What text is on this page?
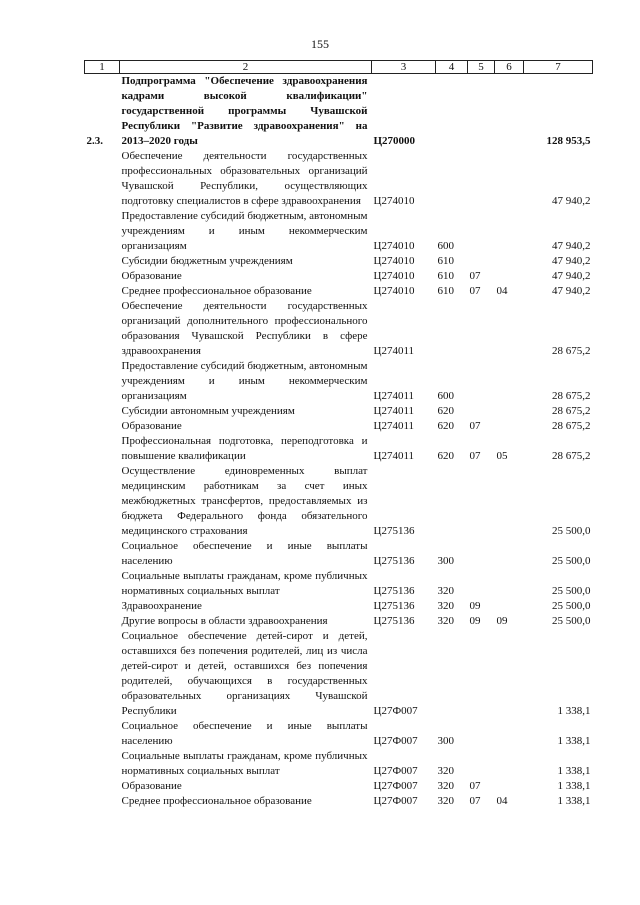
155
1	2	3	4	5	6	7
2.3.	Подпрограмма "Обеспечение здравоохранения кадрами высокой квалификации" государственной программы Чувашской Республики "Развитие здравоохранения" на 2013–2020 годы	Ц270000				128 953,5
	Обеспечение деятельности государственных профессиональных образовательных организаций Чувашской Республики, осуществляющих подготовку специалистов в сфере здравоохранения	Ц274010				47 940,2
	Предоставление субсидий бюджетным, автономным учреждениям и иным некоммерческим организациям	Ц274010	600			47 940,2
	Субсидии бюджетным учреждениям	Ц274010	610			47 940,2
	Образование	Ц274010	610	07		47 940,2
	Среднее профессиональное образование	Ц274010	610	07	04	47 940,2
	Обеспечение деятельности государственных организаций дополнительного профессионального образования Чувашской Республики в сфере здравоохранения	Ц274011				28 675,2
	Предоставление субсидий бюджетным, автономным учреждениям и иным некоммерческим организациям	Ц274011	600			28 675,2
	Субсидии автономным учреждениям	Ц274011	620			28 675,2
	Образование	Ц274011	620	07		28 675,2
	Профессиональная подготовка, переподготовка и повышение квалификации	Ц274011	620	07	05	28 675,2
	Осуществление единовременных выплат медицинским работникам за счет иных межбюджетных трансфертов, предоставляемых из бюджета Федерального фонда обязательного медицинского страхования	Ц275136				25 500,0
	Социальное обеспечение и иные выплаты населению	Ц275136	300			25 500,0
	Социальные выплаты гражданам, кроме публичных нормативных социальных выплат	Ц275136	320			25 500,0
	Здравоохранение	Ц275136	320	09		25 500,0
	Другие вопросы в области здравоохранения	Ц275136	320	09	09	25 500,0
	Социальное обеспечение детей-сирот и детей, оставшихся без попечения родителей, лиц из числа детей-сирот и детей, оставшихся без попечения родителей, обучающихся в государственных образовательных организациях Чувашской Республики	Ц27Ф007				1 338,1
	Социальное обеспечение и иные выплаты населению	Ц27Ф007	300			1 338,1
	Социальные выплаты гражданам, кроме публичных нормативных социальных выплат	Ц27Ф007	320			1 338,1
	Образование	Ц27Ф007	320	07		1 338,1
	Среднее профессиональное образование	Ц27Ф007	320	07	04	1 338,1
